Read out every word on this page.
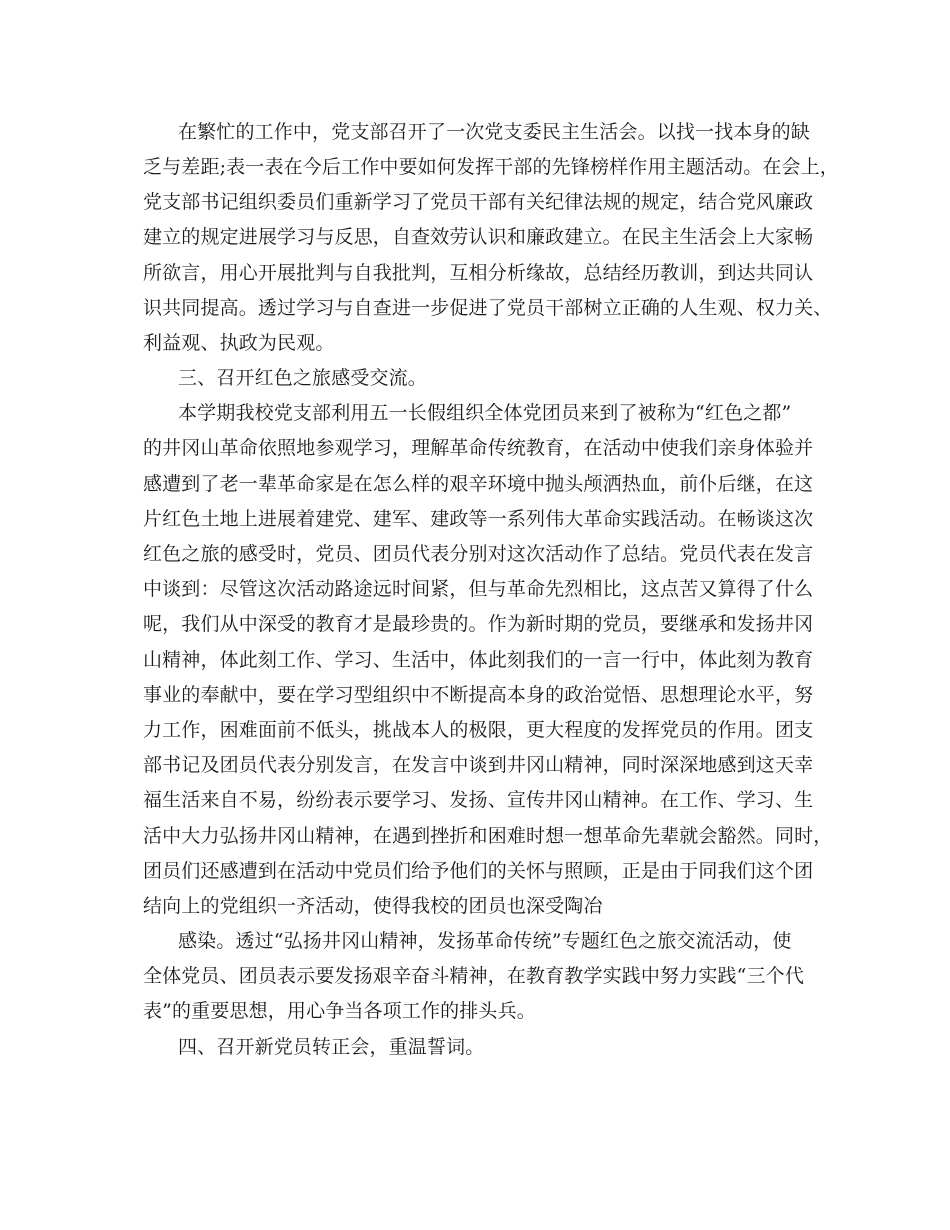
在繁忙的工作中，党支部召开了一次党支委民主生活会。以找一找本身的缺
乏与差距;表一表在今后工作中要如何发挥干部的先锋榜样作用主题活动。在会上，
党支部书记组织委员们重新学习了党员干部有关纪律法规的规定，结合党风廉政
建立的规定进展学习与反思，自查效劳认识和廉政建立。在民主生活会上大家畅
所欲言，用心开展批判与自我批判，互相分析缘故，总结经历教训，到达共同认
识共同提高。透过学习与自查进一步促进了党员干部树立正确的人生观、权力关、
利益观、执政为民观。
三、召开红色之旅感受交流。
本学期我校党支部利用五一长假组织全体党团员来到了被称为“红色之都”
的井冈山革命依照地参观学习，理解革命传统教育，在活动中使我们亲身体验并
感遭到了老一辈革命家是在怎么样的艰辛环境中抛头颅洒热血，前仆后继，在这
片红色土地上进展着建党、建军、建政等一系列伟大革命实践活动。在畅谈这次
红色之旅的感受时，党员、团员代表分别对这次活动作了总结。党员代表在发言
中谈到：尽管这次活动路途远时间紧，但与革命先烈相比，这点苦又算得了什么
呢，我们从中深受的教育才是最珍贵的。作为新时期的党员，要继承和发扬井冈
山精神，体此刻工作、学习、生活中，体此刻我们的一言一行中，体此刻为教育
事业的奉献中，要在学习型组织中不断提高本身的政治觉悟、思想理论水平，努
力工作，困难面前不低头，挑战本人的极限，更大程度的发挥党员的作用。团支
部书记及团员代表分别发言，在发言中谈到井冈山精神，同时深深地感到这天幸
福生活来自不易，纷纷表示要学习、发扬、宣传井冈山精神。在工作、学习、生
活中大力弘扬井冈山精神，在遇到挫折和困难时想一想革命先辈就会豁然。同时，
团员们还感遭到在活动中党员们给予他们的关怀与照顾，正是由于同我们这个团
结向上的党组织一齐活动，使得我校的团员也深受陶冶
感染。透过“弘扬井冈山精神，发扬革命传统”专题红色之旅交流活动，使
全体党员、团员表示要发扬艰辛奋斗精神，在教育教学实践中努力实践“三个代
表”的重要思想，用心争当各项工作的排头兵。
四、召开新党员转正会，重温誓词。
